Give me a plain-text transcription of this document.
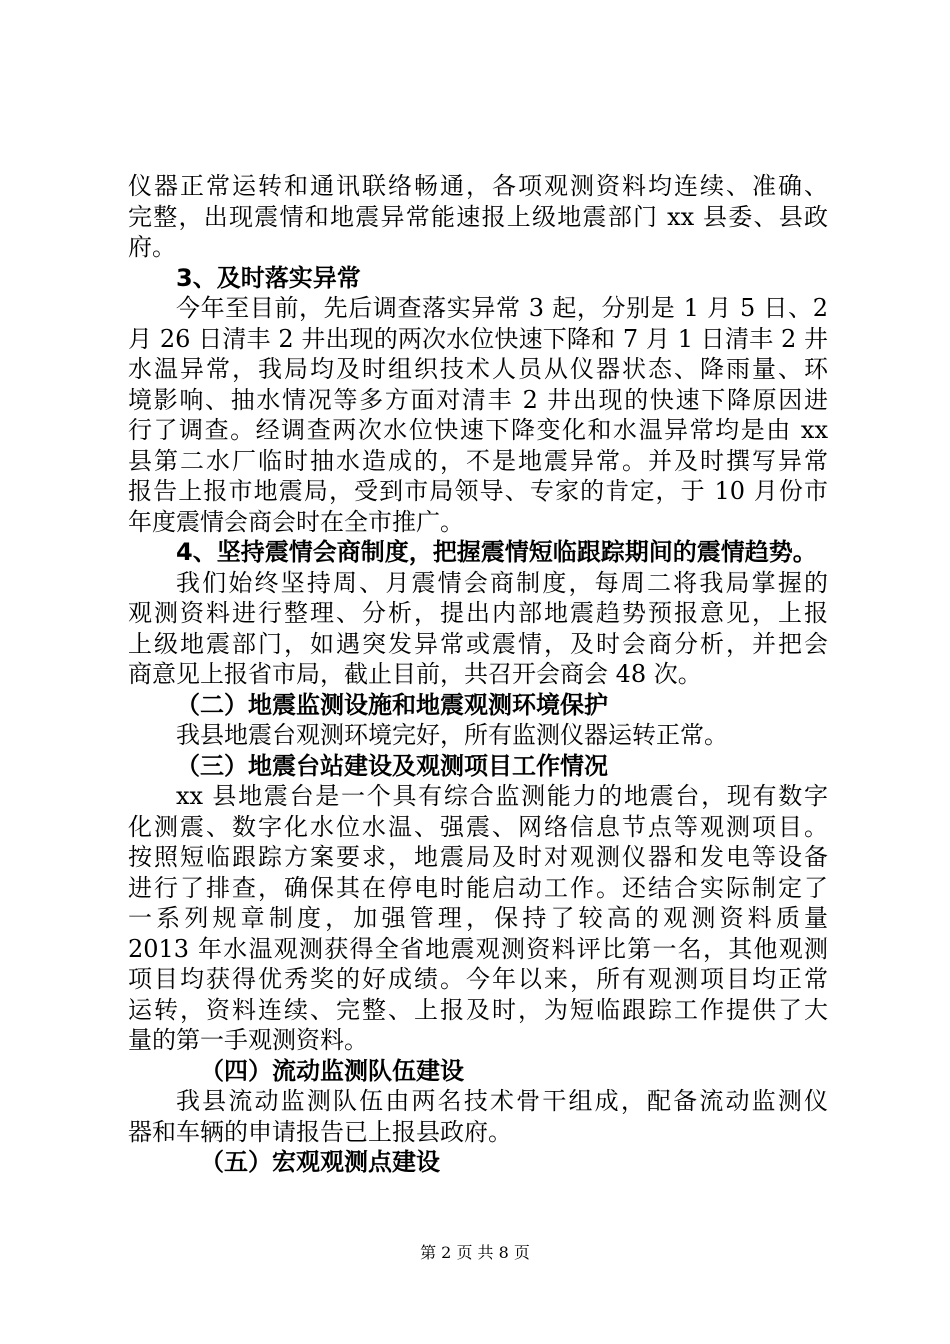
仪器正常运转和通讯联络畅通，各项观测资料均连续、准确、
完整，出现震情和地震异常能速报上级地震部门 xx 县委、县政
府。
3、及时落实异常
今年至目前，先后调查落实异常 3 起，分别是 1 月 5 日、2
月 26 日清丰 2 井出现的两次水位快速下降和 7 月 1 日清丰 2 井
水温异常，我局均及时组织技术人员从仪器状态、降雨量、环
境影响、抽水情况等多方面对清丰 2 井出现的快速下降原因进
行了调查。经调查两次水位快速下降变化和水温异常均是由 xx
县第二水厂临时抽水造成的，不是地震异常。并及时撰写异常
报告上报市地震局，受到市局领导、专家的肯定，于 10 月份市
年度震情会商会时在全市推广。
4、坚持震情会商制度，把握震情短临跟踪期间的震情趋势。
我们始终坚持周、月震情会商制度，每周二将我局掌握的
观测资料进行整理、分析，提出内部地震趋势预报意见，上报
上级地震部门，如遇突发异常或震情，及时会商分析，并把会
商意见上报省市局，截止目前，共召开会商会 48 次。
（二）地震监测设施和地震观测环境保护
我县地震台观测环境完好，所有监测仪器运转正常。
（三）地震台站建设及观测项目工作情况
xx 县地震台是一个具有综合监测能力的地震台，现有数字
化测震、数字化水位水温、强震、网络信息节点等观测项目。
按照短临跟踪方案要求，地震局及时对观测仪器和发电等设备
进行了排查，确保其在停电时能启动工作。还结合实际制定了
一系列规章制度，加强管理，保持了较高的观测资料质量
2013 年水温观测获得全省地震观测资料评比第一名，其他观测
项目均获得优秀奖的好成绩。今年以来，所有观测项目均正常
运转，资料连续、完整、上报及时，为短临跟踪工作提供了大
量的第一手观测资料。
（四）流动监测队伍建设
我县流动监测队伍由两名技术骨干组成，配备流动监测仪
器和车辆的申请报告已上报县政府。
（五）宏观观测点建设
第 2 页 共 8 页
